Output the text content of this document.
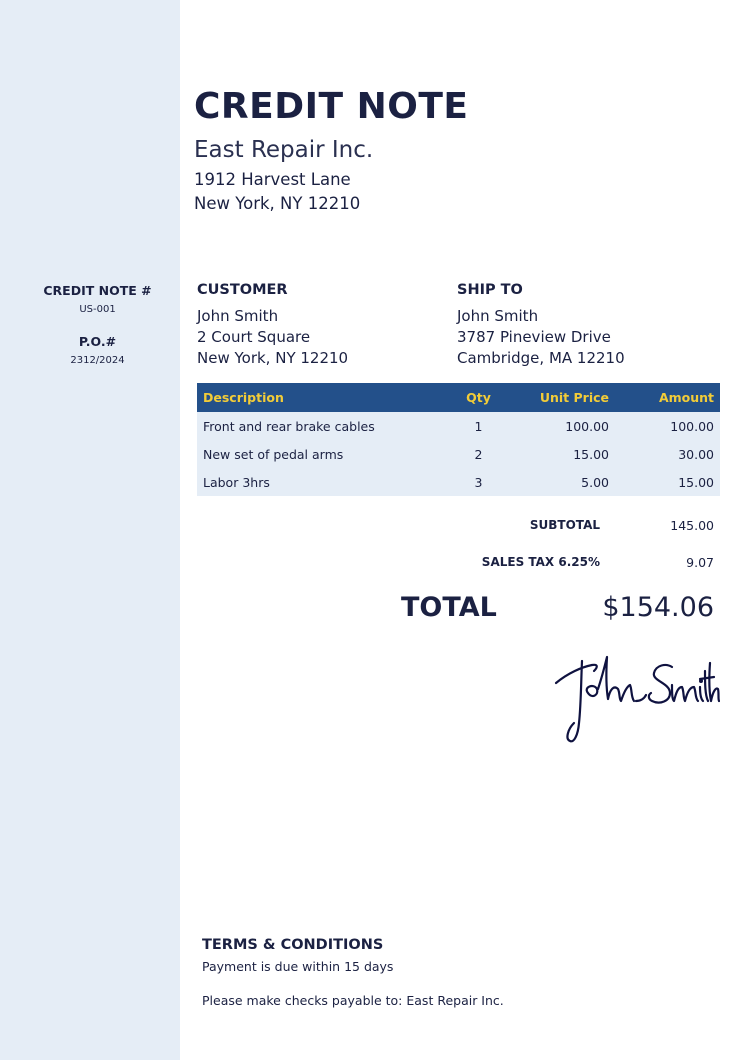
CREDIT NOTE #
US-001
P.O.#
2312/2024
CREDIT NOTE
East Repair Inc.
1912 Harvest Lane
New York, NY 12210
CUSTOMER
John Smith
2 Court Square
New York, NY 12210
SHIP TO
John Smith
3787 Pineview Drive
Cambridge, MA 12210
Description	Qty	Unit Price	Amount
Front and rear brake cables	1	100.00	100.00
New set of pedal arms	2	15.00	30.00
Labor 3hrs	3	5.00	15.00
SUBTOTAL	145.00
SALES TAX 6.25%	9.07
TOTAL	$154.06
TERMS & CONDITIONS
Payment is due within 15 days
Please make checks payable to: East Repair Inc.
